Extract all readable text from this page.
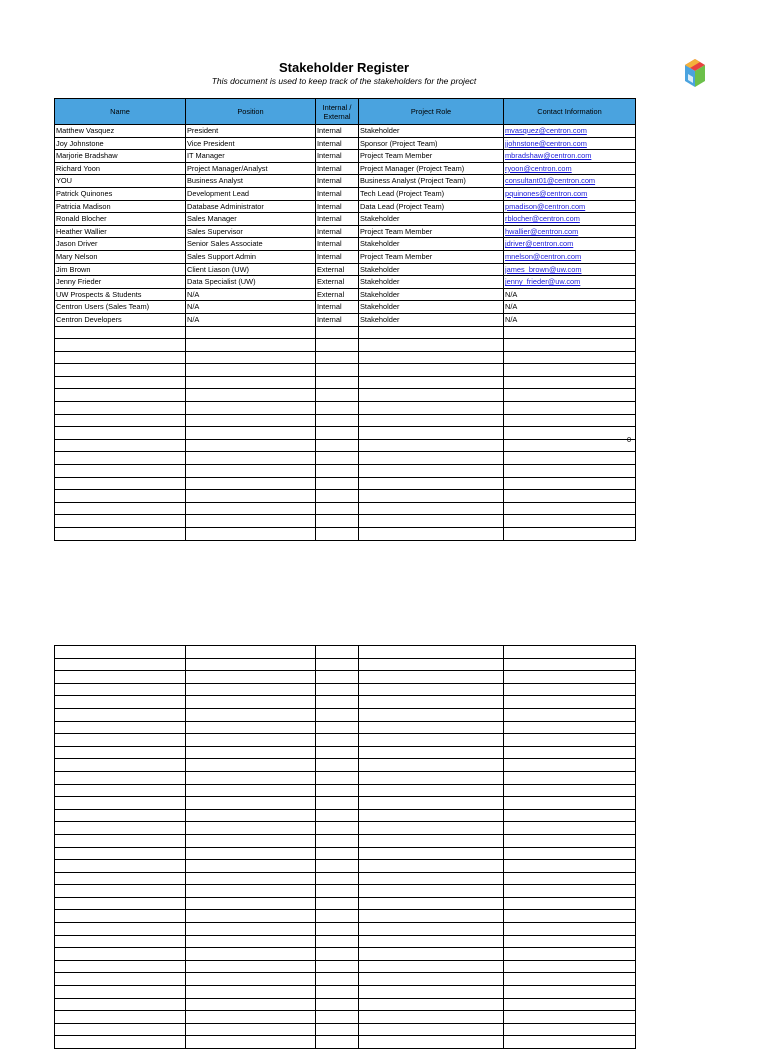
Stakeholder Register
This document is used to keep track of the stakeholders for the project
Name	Position	Internal / External	Project Role	Contact Information
Matthew Vasquez	President	Internal	Stakeholder	mvasquez@centron.com
Joy Johnstone	Vice President	Internal	Sponsor (Project Team)	jjohnstone@centron.com
Marjorie Bradshaw	IT Manager	Internal	Project Team Member	mbradshaw@centron.com
Richard Yoon	Project Manager/Analyst	Internal	Project Manager (Project Team)	ryoon@centron.com
YOU	Business Analyst	Internal	Business Analyst (Project Team)	consultant01@centron.com
Patrick Quinones	Development Lead	Internal	Tech Lead (Project Team)	pquinones@centron.com
Patricia Madison	Database Administrator	Internal	Data Lead (Project Team)	pmadison@centron.com
Ronald Blocher	Sales Manager	Internal	Stakeholder	rblocher@centron.com
Heather Wallier	Sales Supervisor	Internal	Project Team Member	hwallier@centron.com
Jason Driver	Senior Sales Associate	Internal	Stakeholder	jdriver@centron.com
Mary Nelson	Sales Support Admin	Internal	Project Team Member	mnelson@centron.com
Jim Brown	Client Liason (UW)	External	Stakeholder	james_brown@uw.com
Jenny Frieder	Data Specialist (UW)	External	Stakeholder	jenny_frieder@uw.com
UW Prospects & Students	N/A	External	Stakeholder	N/A
Centron Users (Sales Team)	N/A	Internal	Stakeholder	N/A
Centron Developers	N/A	Internal	Stakeholder	N/A

0
